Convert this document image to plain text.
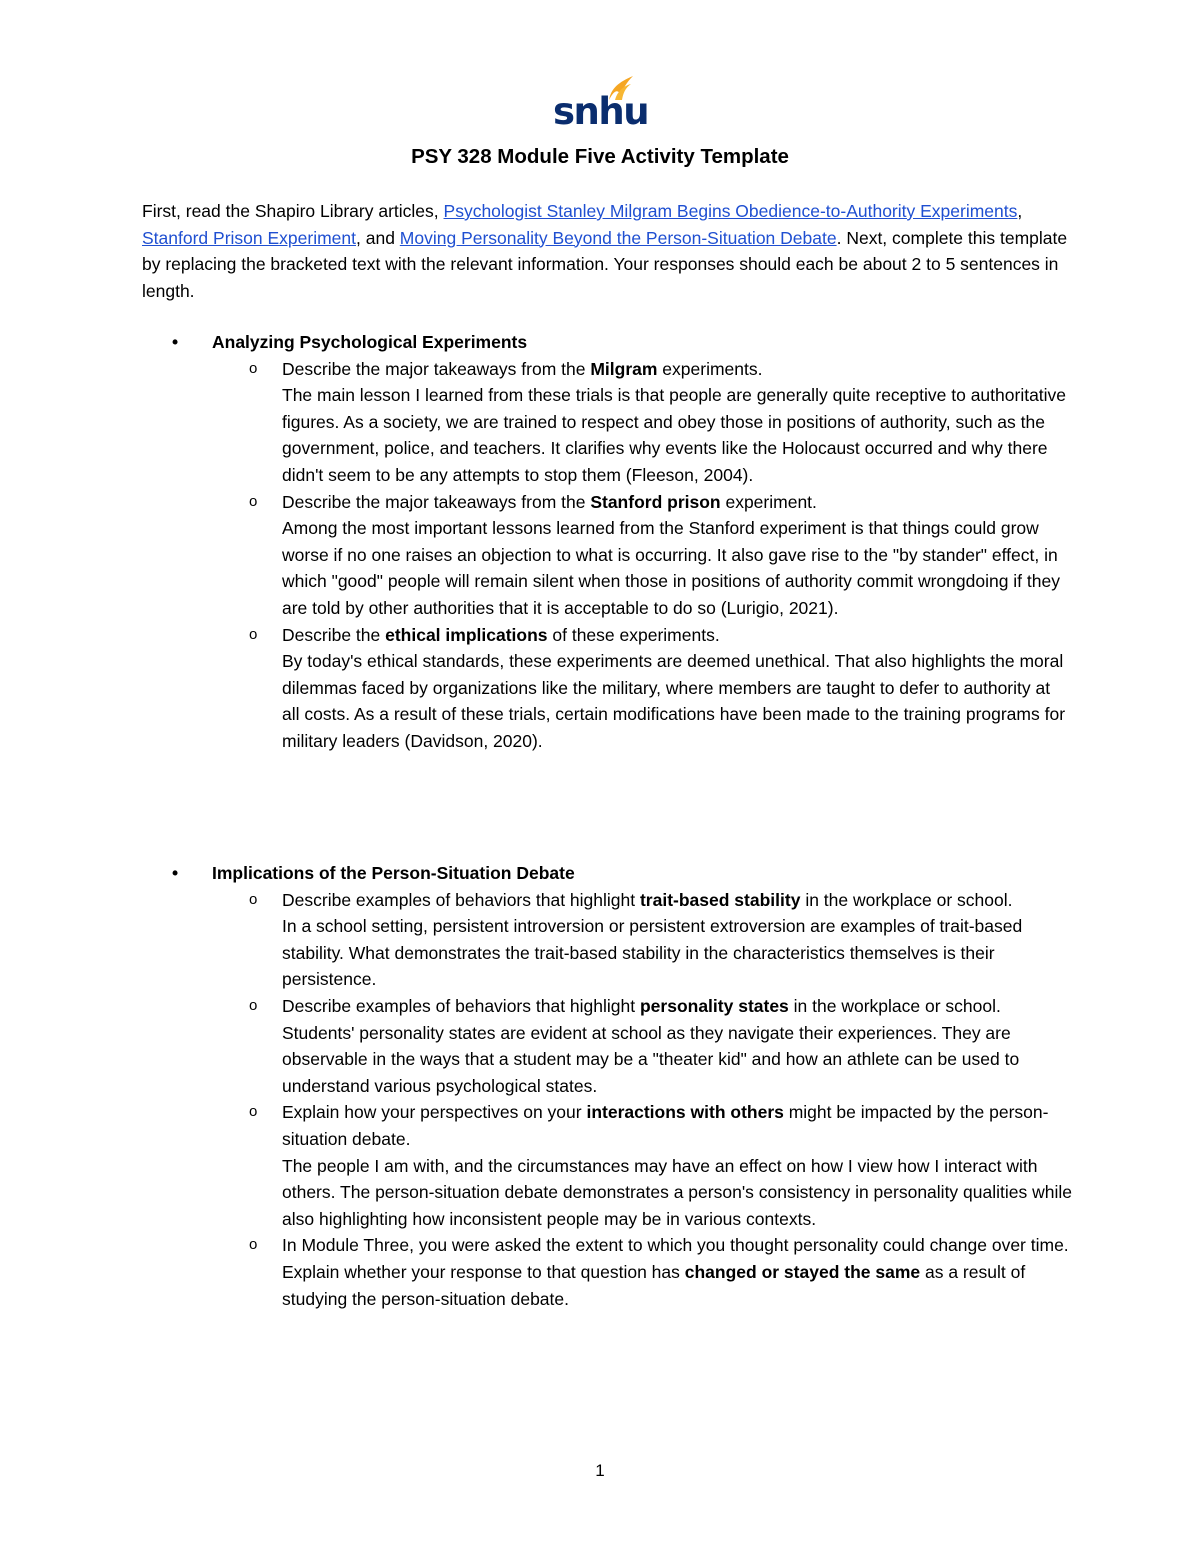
snhu
PSY 328 Module Five Activity Template

First, read the Shapiro Library articles, Psychologist Stanley Milgram Begins Obedience-to-Authority Experiments, Stanford Prison Experiment, and Moving Personality Beyond the Person-Situation Debate. Next, complete this template by replacing the bracketed text with the relevant information. Your responses should each be about 2 to 5 sentences in length.

• Analyzing Psychological Experiments
o Describe the major takeaways from the Milgram experiments.
The main lesson I learned from these trials is that people are generally quite receptive to authoritative figures. As a society, we are trained to respect and obey those in positions of authority, such as the government, police, and teachers. It clarifies why events like the Holocaust occurred and why there didn't seem to be any attempts to stop them (Fleeson, 2004).
o Describe the major takeaways from the Stanford prison experiment.
Among the most important lessons learned from the Stanford experiment is that things could grow worse if no one raises an objection to what is occurring. It also gave rise to the "by stander" effect, in which "good" people will remain silent when those in positions of authority commit wrongdoing if they are told by other authorities that it is acceptable to do so (Lurigio, 2021).
o Describe the ethical implications of these experiments.
By today's ethical standards, these experiments are deemed unethical. That also highlights the moral dilemmas faced by organizations like the military, where members are taught to defer to authority at all costs. As a result of these trials, certain modifications have been made to the training programs for military leaders (Davidson, 2020).
• Implications of the Person-Situation Debate
o Describe examples of behaviors that highlight trait-based stability in the workplace or school.
In a school setting, persistent introversion or persistent extroversion are examples of trait-based stability. What demonstrates the trait-based stability in the characteristics themselves is their persistence.
o Describe examples of behaviors that highlight personality states in the workplace or school.
Students' personality states are evident at school as they navigate their experiences. They are observable in the ways that a student may be a "theater kid" and how an athlete can be used to understand various psychological states.
o Explain how your perspectives on your interactions with others might be impacted by the person-situation debate.
The people I am with, and the circumstances may have an effect on how I view how I interact with others. The person-situation debate demonstrates a person's consistency in personality qualities while also highlighting how inconsistent people may be in various contexts.
o In Module Three, you were asked the extent to which you thought personality could change over time. Explain whether your response to that question has changed or stayed the same as a result of studying the person-situation debate.
1
